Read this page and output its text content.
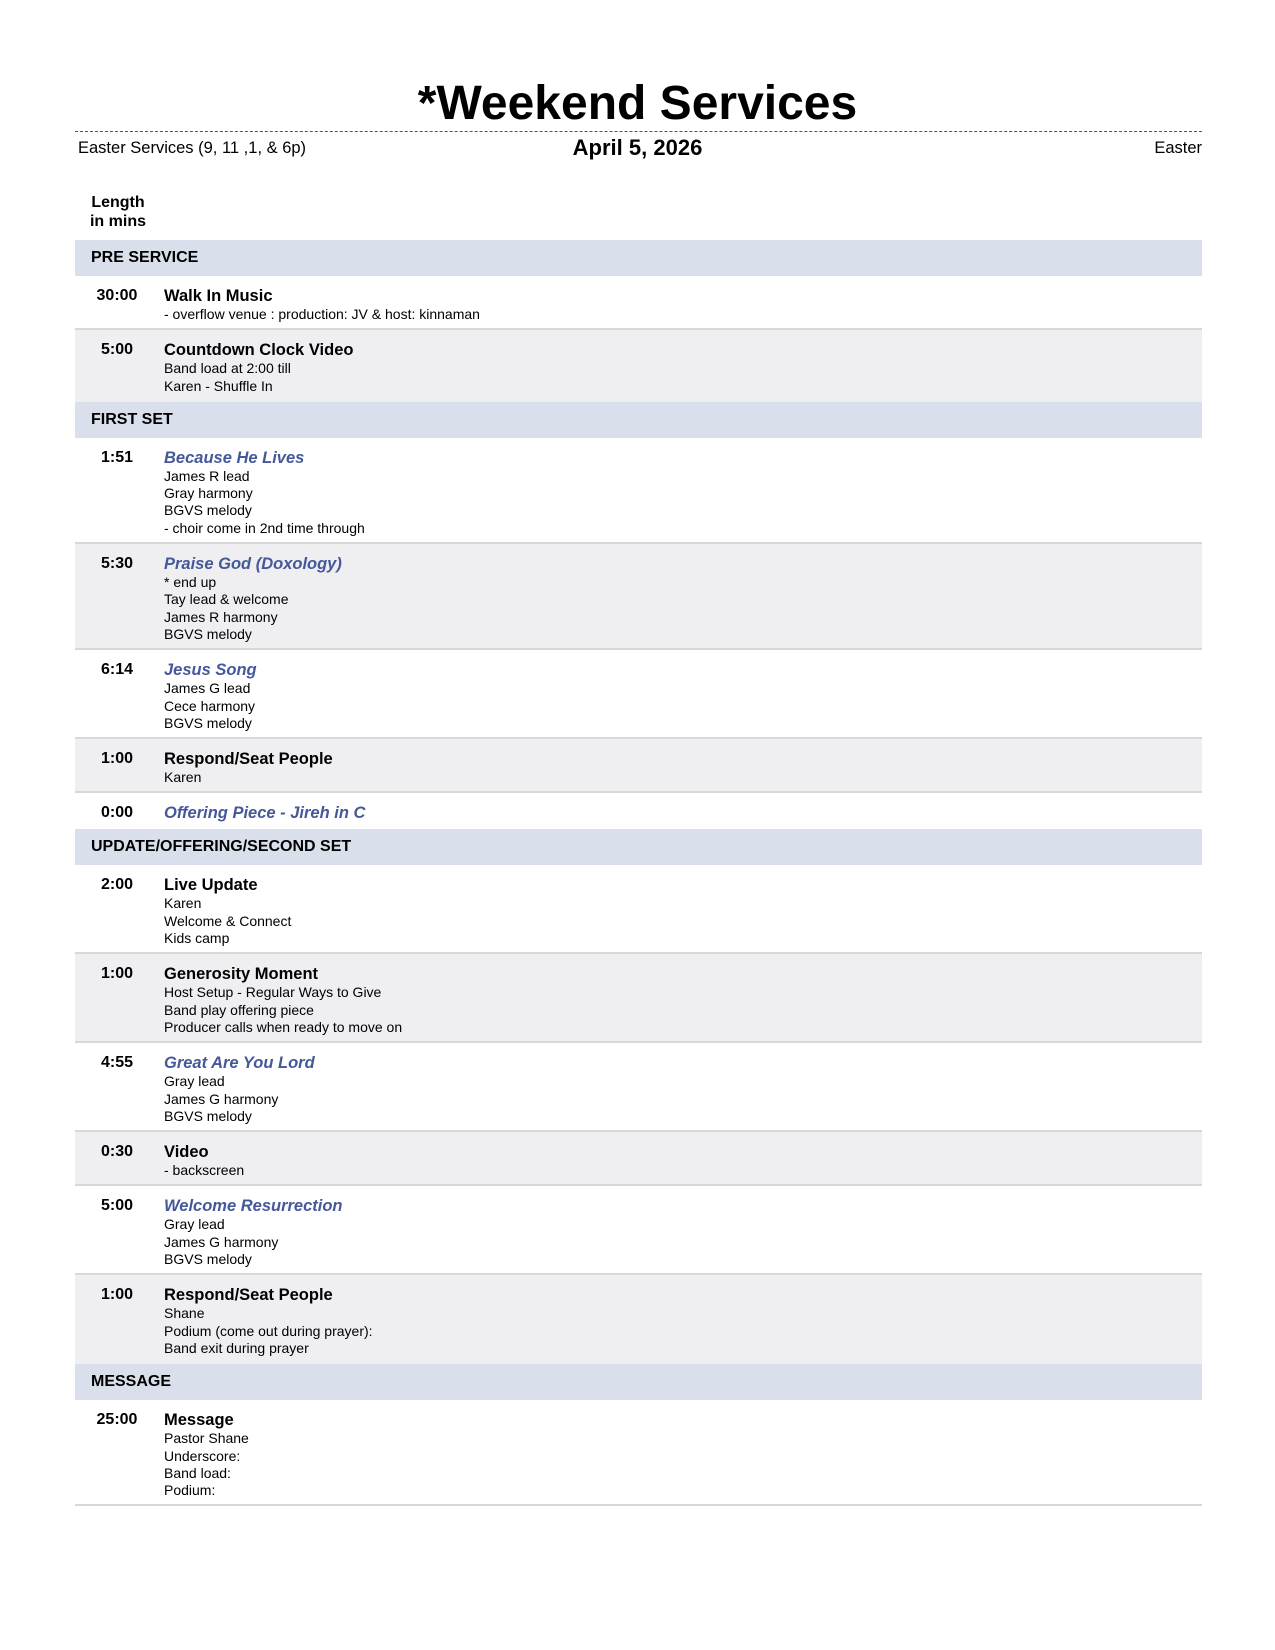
*Weekend Services
Easter Services (9, 11 ,1, & 6p)	April 5, 2026	Easter
Length
in mins
PRE SERVICE
30:00	Walk In Music
- overflow venue : production: JV & host: kinnaman
5:00	Countdown Clock Video
Band load at 2:00 till
Karen - Shuffle In
FIRST SET
1:51	Because He Lives
James R lead
Gray harmony
BGVS melody
- choir come in 2nd time through
5:30	Praise God (Doxology)
* end up
Tay lead & welcome
James R harmony
BGVS melody
6:14	Jesus Song
James G lead
Cece harmony
BGVS melody
1:00	Respond/Seat People
Karen
0:00	Offering Piece - Jireh in C
UPDATE/OFFERING/SECOND SET
2:00	Live Update
Karen
Welcome & Connect
Kids camp
1:00	Generosity Moment
Host Setup - Regular Ways to Give
Band play offering piece
Producer calls when ready to move on
4:55	Great Are You Lord
Gray lead
James G harmony
BGVS melody
0:30	Video
- backscreen
5:00	Welcome Resurrection
Gray lead
James G harmony
BGVS melody
1:00	Respond/Seat People
Shane
Podium (come out during prayer):
Band exit during prayer
MESSAGE
25:00	Message
Pastor Shane
Underscore:
Band load:
Podium:
